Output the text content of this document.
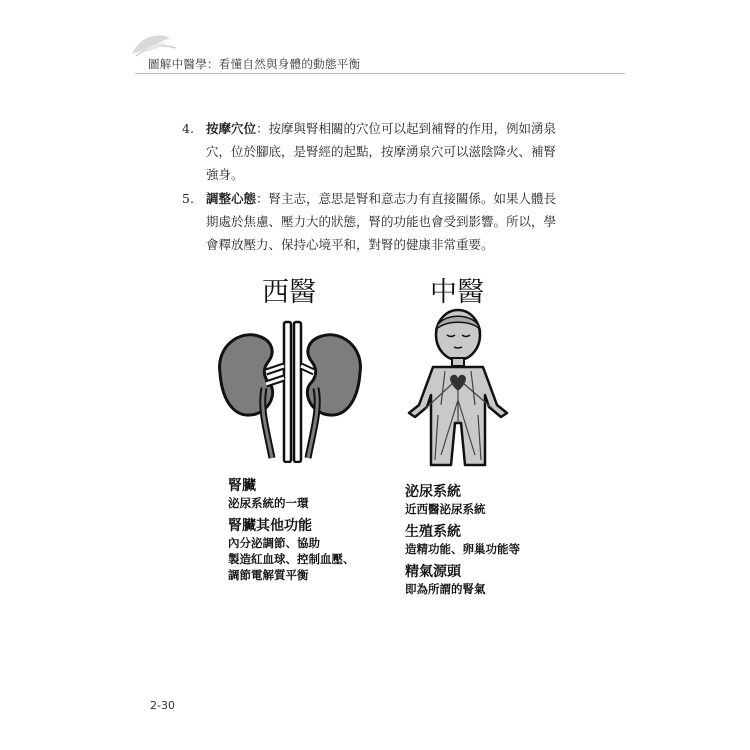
圖解中醫學：看懂自然與身體的動態平衡
4. 按摩穴位：按摩與腎相關的穴位可以起到補腎的作用，例如湧泉
穴，位於腳底，是腎經的起點，按摩湧泉穴可以滋陰降火、補腎
強身。
5. 調整心態：腎主志，意思是腎和意志力有直接關係。如果人體長
期處於焦慮、壓力大的狀態，腎的功能也會受到影響。所以，學
會釋放壓力、保持心境平和，對腎的健康非常重要。
西醫	中醫
腎臟
泌尿系統的一環
腎臟其他功能
內分泌調節、協助
製造紅血球、控制血壓、
調節電解質平衡
泌尿系統
近西醫泌尿系統
生殖系統
造精功能、卵巢功能等
精氣源頭
即為所謂的腎氣
2-30
